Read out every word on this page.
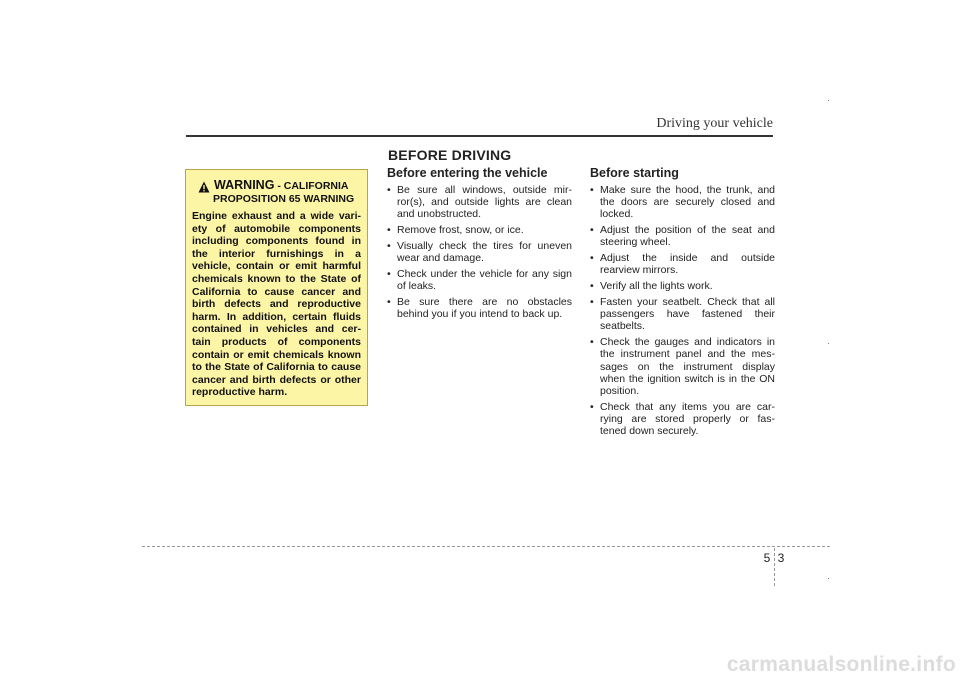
Driving your vehicle
BEFORE DRIVING
WARNING - CALIFORNIA
PROPOSITION 65 WARNING
Engine exhaust and a wide vari- ety of automobile components including components found in the interior furnishings in a vehicle, contain or emit harmful chemicals known to the State of California to cause cancer and birth defects and reproductive harm. In addition, certain fluids contained in vehicles and cer- tain products of components contain or emit chemicals known to the State of California to cause cancer and birth defects or other reproductive harm.
Before entering the vehicle
• Be sure all windows, outside mir- ror(s), and outside lights are clean and unobstructed.
• Remove frost, snow, or ice.
• Visually check the tires for uneven wear and damage.
• Check under the vehicle for any sign of leaks.
• Be sure there are no obstacles behind you if you intend to back up.
Before starting
• Make sure the hood, the trunk, and the doors are securely closed and locked.
• Adjust the position of the seat and steering wheel.
• Adjust the inside and outside rearview mirrors.
• Verify all the lights work.
• Fasten your seatbelt. Check that all passengers have fastened their seatbelts.
• Check the gauges and indicators in the instrument panel and the mes- sages on the instrument display when the ignition switch is in the ON position.
• Check that any items you are car- rying are stored properly or fas- tened down securely.
5 3
carmanualsonline.info
